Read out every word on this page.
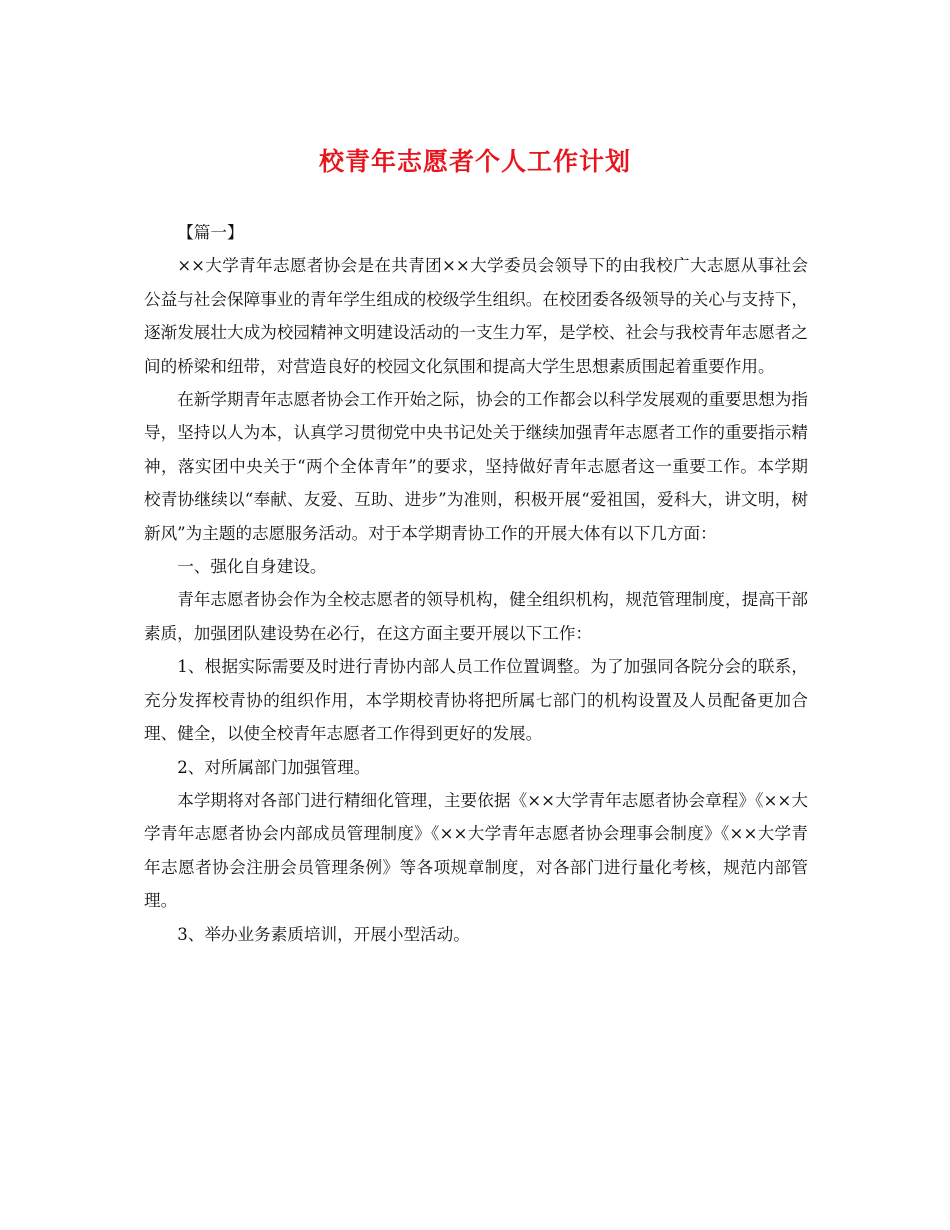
校青年志愿者个人工作计划

【篇一】

××大学青年志愿者协会是在共青团××大学委员会领导下的由我校广大志愿从事社会公益与社会保障事业的青年学生组成的校级学生组织。在校团委各级领导的关心与支持下，逐渐发展壮大成为校园精神文明建设活动的一支生力军，是学校、社会与我校青年志愿者之间的桥梁和纽带，对营造良好的校园文化氛围和提高大学生思想素质围起着重要作用。

在新学期青年志愿者协会工作开始之际，协会的工作都会以科学发展观的重要思想为指导，坚持以人为本，认真学习贯彻党中央书记处关于继续加强青年志愿者工作的重要指示精神，落实团中央关于“两个全体青年”的要求，坚持做好青年志愿者这一重要工作。本学期校青协继续以“奉献、友爱、互助、进步”为准则，积极开展“爱祖国，爱科大，讲文明，树新风”为主题的志愿服务活动。对于本学期青协工作的开展大体有以下几方面：

一、强化自身建设。

青年志愿者协会作为全校志愿者的领导机构，健全组织机构，规范管理制度，提高干部素质，加强团队建设势在必行，在这方面主要开展以下工作：

1、根据实际需要及时进行青协内部人员工作位置调整。为了加强同各院分会的联系，充分发挥校青协的组织作用，本学期校青协将把所属七部门的机构设置及人员配备更加合理、健全，以使全校青年志愿者工作得到更好的发展。

2、对所属部门加强管理。

本学期将对各部门进行精细化管理，主要依据《××大学青年志愿者协会章程》《××大学青年志愿者协会内部成员管理制度》《××大学青年志愿者协会理事会制度》《××大学青年志愿者协会注册会员管理条例》等各项规章制度，对各部门进行量化考核，规范内部管理。

3、举办业务素质培训，开展小型活动。
